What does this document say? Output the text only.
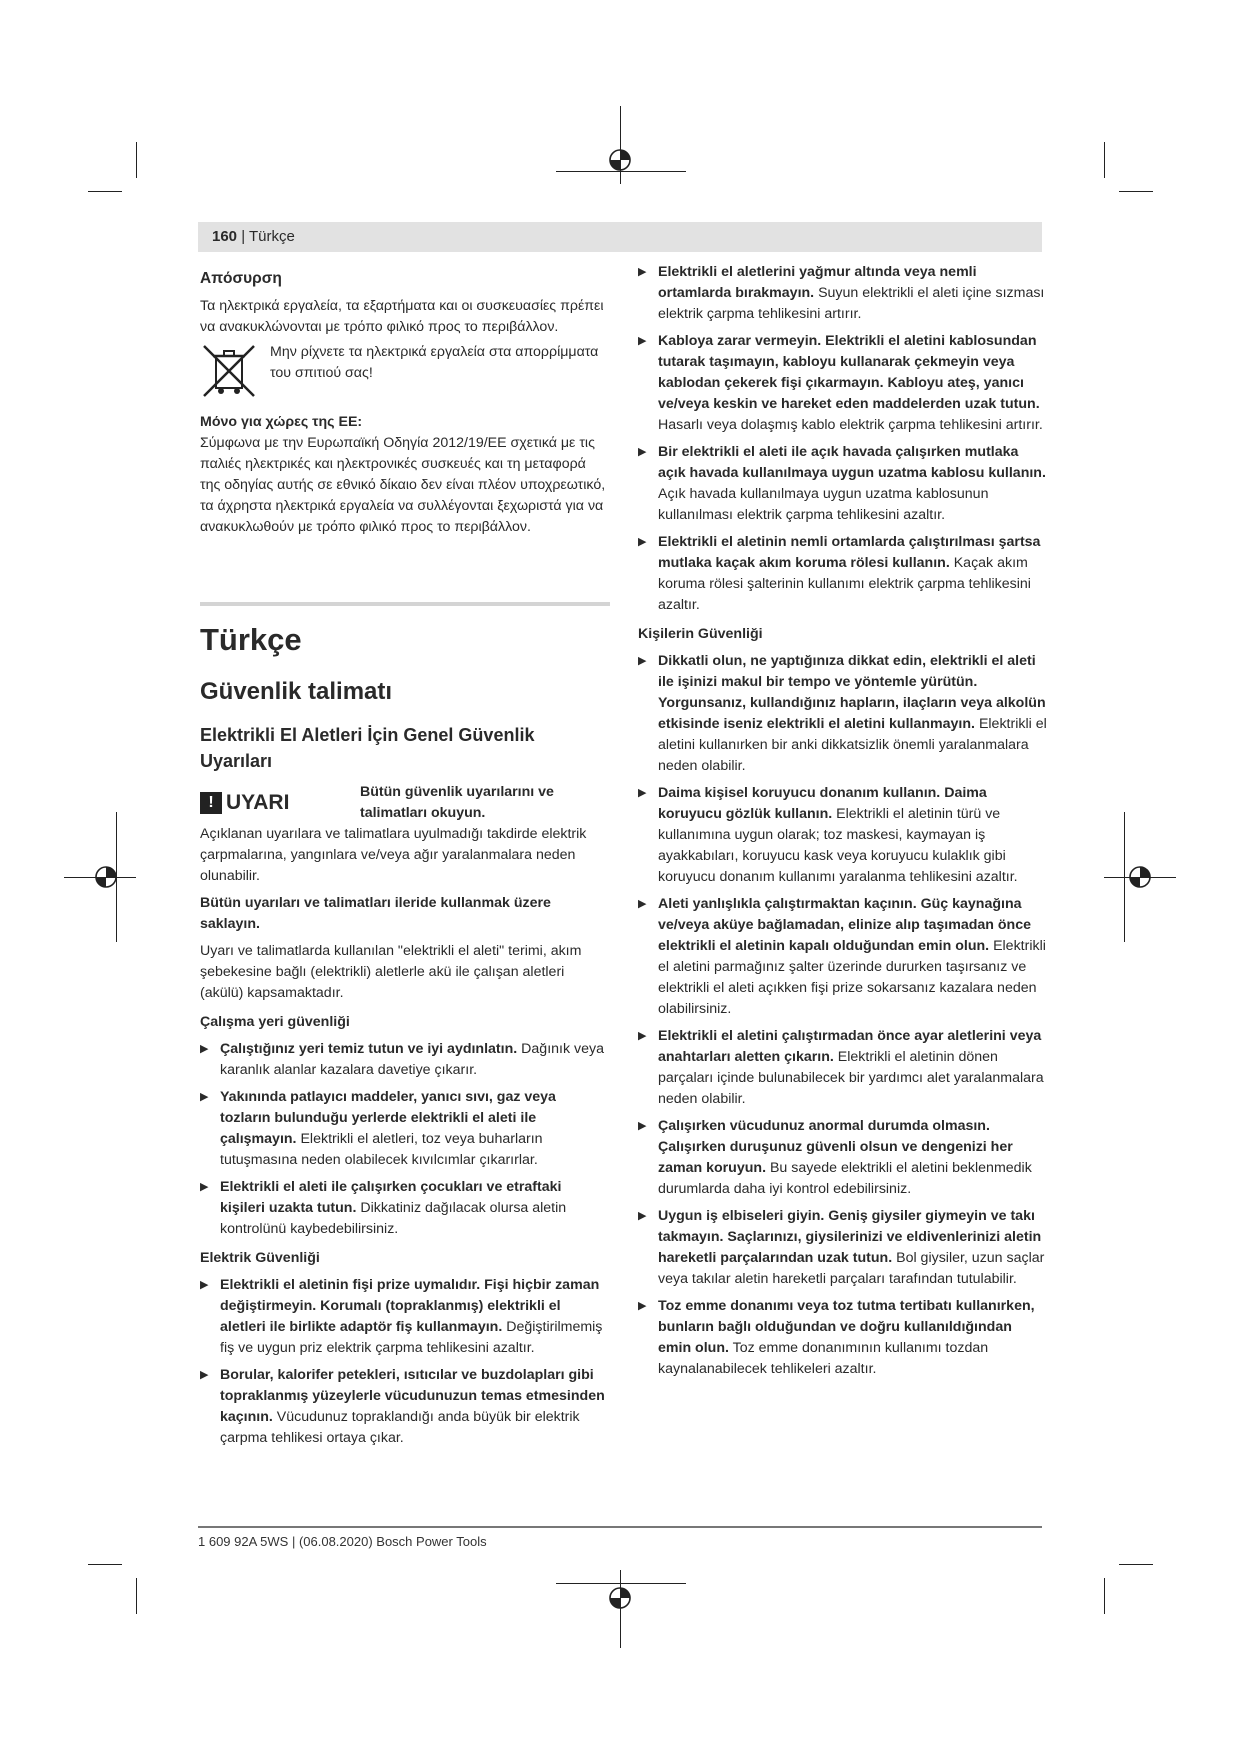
160 | Türkçe
Απόσυρση

Τα ηλεκτρικά εργαλεία, τα εξαρτήματα και οι συσκευασίες πρέπει να ανακυκλώνονται με τρόπο φιλικό προς το περιβάλλον.

Μην ρίχνετε τα ηλεκτρικά εργαλεία στα απορρίμματα του σπιτιού σας!

Μόνο για χώρες της ΕΕ:

Σύμφωνα με την Ευρωπαϊκή Οδηγία 2012/19/ΕΕ σχετικά με τις παλιές ηλεκτρικές και ηλεκτρονικές συσκευές και τη μεταφορά της οδηγίας αυτής σε εθνικό δίκαιο δεν είναι πλέον υποχρεωτικό, τα άχρηστα ηλεκτρικά εργαλεία να συλλέγονται ξεχωριστά για να ανακυκλωθούν με τρόπο φιλικό προς το περιβάλλον.

Türkçe
Güvenlik talimatı
Elektrikli El Aletleri İçin Genel Güvenlik Uyarıları
! UYARI	Bütün güvenlik uyarılarını ve talimatları okuyun.

Açıklanan uyarılara ve talimatlara uyulmadığı takdirde elektrik çarpmalarına, yangınlara ve/veya ağır yaralanmalara neden olunabilir.

Bütün uyarıları ve talimatları ileride kullanmak üzere saklayın.

Uyarı ve talimatlarda kullanılan "elektrikli el aleti" terimi, akım şebekesine bağlı (elektrikli) aletlerle akü ile çalışan aletleri (akülü) kapsamaktadır.

Çalışma yeri güvenliği
▶ Çalıştığınız yeri temiz tutun ve iyi aydınlatın. Dağınık veya karanlık alanlar kazalara davetiye çıkarır.
▶ Yakınında patlayıcı maddeler, yanıcı sıvı, gaz veya tozların bulunduğu yerlerde elektrikli el aleti ile çalışmayın. Elektrikli el aletleri, toz veya buharların tutuşmasına neden olabilecek kıvılcımlar çıkarırlar.
▶ Elektrikli el aleti ile çalışırken çocukları ve etraftaki kişileri uzakta tutun. Dikkatiniz dağılacak olursa aletin kontrolünü kaybedebilirsiniz.
Elektrik Güvenliği
▶ Elektrikli el aletinin fişi prize uymalıdır. Fişi hiçbir zaman değiştirmeyin. Korumalı (topraklanmış) elektrikli el aletleri ile birlikte adaptör fiş kullanmayın. Değiştirilmemiş fiş ve uygun priz elektrik çarpma tehlikesini azaltır.
▶ Borular, kalorifer petekleri, ısıtıcılar ve buzdolapları gibi topraklanmış yüzeylerle vücudunuzun temas etmesinden kaçının. Vücudunuz topraklandığı anda büyük bir elektrik çarpma tehlikesi ortaya çıkar.
▶ Elektrikli el aletlerini yağmur altında veya nemli ortamlarda bırakmayın. Suyun elektrikli el aleti içine sızması elektrik çarpma tehlikesini artırır.
▶ Kabloya zarar vermeyin. Elektrikli el aletini kablosundan tutarak taşımayın, kabloyu kullanarak çekmeyin veya kablodan çekerek fişi çıkarmayın. Kabloyu ateş, yanıcı ve/veya keskin ve hareket eden maddelerden uzak tutun. Hasarlı veya dolaşmış kablo elektrik çarpma tehlikesini artırır.
▶ Bir elektrikli el aleti ile açık havada çalışırken mutlaka açık havada kullanılmaya uygun uzatma kablosu kullanın. Açık havada kullanılmaya uygun uzatma kablosunun kullanılması elektrik çarpma tehlikesini azaltır.
▶ Elektrikli el aletinin nemli ortamlarda çalıştırılması şartsa mutlaka kaçak akım koruma rölesi kullanın. Kaçak akım koruma rölesi şalterinin kullanımı elektrik çarpma tehlikesini azaltır.
Kişilerin Güvenliği
▶ Dikkatli olun, ne yaptığınıza dikkat edin, elektrikli el aleti ile işinizi makul bir tempo ve yöntemle yürütün. Yorgunsanız, kullandığınız hapların, ilaçların veya alkolün etkisinde iseniz elektrikli el aletini kullanmayın. Elektrikli el aletini kullanırken bir anki dikkatsizlik önemli yaralanmalara neden olabilir.
▶ Daima kişisel koruyucu donanım kullanın. Daima koruyucu gözlük kullanın. Elektrikli el aletinin türü ve kullanımına uygun olarak; toz maskesi, kaymayan iş ayakkabıları, koruyucu kask veya koruyucu kulaklık gibi koruyucu donanım kullanımı yaralanma tehlikesini azaltır.
▶ Aleti yanlışlıkla çalıştırmaktan kaçının. Güç kaynağına ve/veya aküye bağlamadan, elinize alıp taşımadan önce elektrikli el aletinin kapalı olduğundan emin olun. Elektrikli el aletini parmağınız şalter üzerinde dururken taşırsanız ve elektrikli el aleti açıkken fişi prize sokarsanız kazalara neden olabilirsiniz.
▶ Elektrikli el aletini çalıştırmadan önce ayar aletlerini veya anahtarları aletten çıkarın. Elektrikli el aletinin dönen parçaları içinde bulunabilecek bir yardımcı alet yaralanmalara neden olabilir.
▶ Çalışırken vücudunuz anormal durumda olmasın. Çalışırken duruşunuz güvenli olsun ve dengenizi her zaman koruyun. Bu sayede elektrikli el aletini beklenmedik durumlarda daha iyi kontrol edebilirsiniz.
▶ Uygun iş elbiseleri giyin. Geniş giysiler giymeyin ve takı takmayın. Saçlarınızı, giysilerinizi ve eldivenlerinizi aletin hareketli parçalarından uzak tutun. Bol giysiler, uzun saçlar veya takılar aletin hareketli parçaları tarafından tutulabilir.
▶ Toz emme donanımı veya toz tutma tertibatı kullanırken, bunların bağlı olduğundan ve doğru kullanıldığından emin olun. Toz emme donanımının kullanımı tozdan kaynalanabilecek tehlikeleri azaltır.
1 609 92A 5WS | (06.08.2020) Bosch Power Tools
